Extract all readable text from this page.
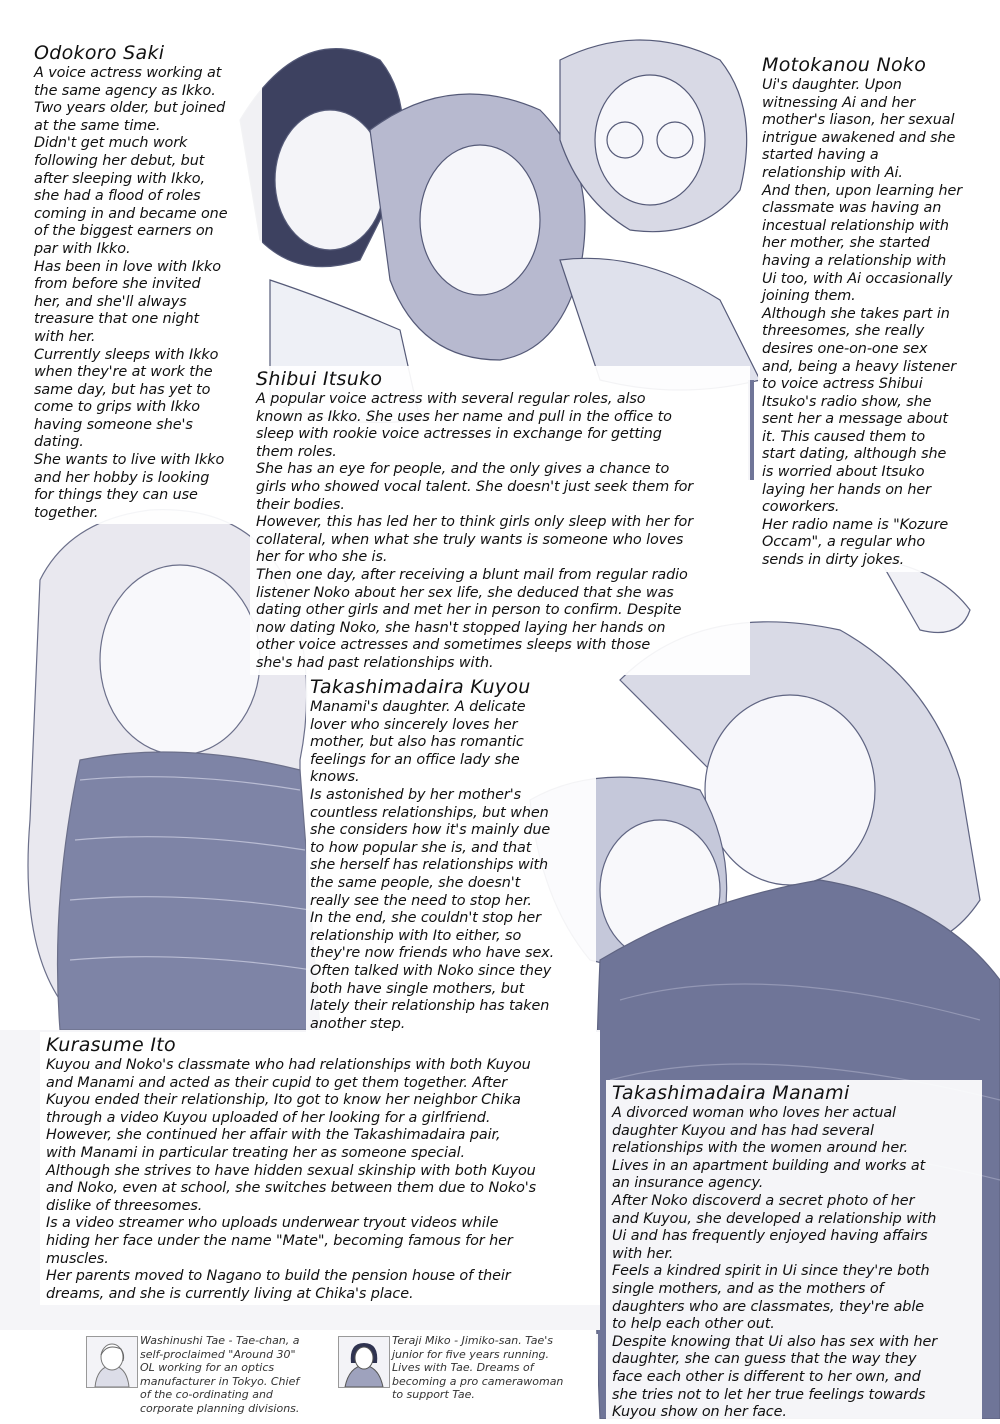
Odokoro Saki

A voice actress working at
the same agency as Ikko.
Two years older, but joined
at the same time.
Didn't get much work
following her debut, but
after sleeping with Ikko,
she had a flood of roles
coming in and became one
of the biggest earners on
par with Ikko.
Has been in love with Ikko
from before she invited
her, and she'll always
treasure that one night
with her.
Currently sleeps with Ikko
when they're at work the
same day, but has yet to
come to grips with Ikko
having someone she's
dating.
She wants to live with Ikko
and her hobby is looking
for things they can use
together.

Motokanou Noko

Ui's daughter. Upon
witnessing Ai and her
mother's liason, her sexual
intrigue awakened and she
started having a
relationship with Ai.
And then, upon learning her
classmate was having an
incestual relationship with
her mother, she started
having a relationship with
Ui too, with Ai occasionally
joining them.
Although she takes part in
threesomes, she really
desires one-on-one sex
and, being a heavy listener
to voice actress Shibui
Itsuko's radio show, she
sent her a message about
it. This caused them to
start dating, although she
is worried about Itsuko
laying her hands on her
coworkers.
Her radio name is "Kozure
Occam", a regular who
sends in dirty jokes.

Shibui Itsuko

A popular voice actress with several regular roles, also
known as Ikko. She uses her name and pull in the office to
sleep with rookie voice actresses in exchange for getting
them roles.
She has an eye for people, and the only gives a chance to
girls who showed vocal talent. She doesn't just seek them for
their bodies.
However, this has led her to think girls only sleep with her for
collateral, when what she truly wants is someone who loves
her for who she is.
Then one day, after receiving a blunt mail from regular radio
listener Noko about her sex life, she deduced that she was
dating other girls and met her in person to confirm. Despite
now dating Noko, she hasn't stopped laying her hands on
other voice actresses and sometimes sleeps with those
she's had past relationships with.

Takashimadaira Kuyou

Manami's daughter. A delicate
lover who sincerely loves her
mother, but also has romantic
feelings for an office lady she
knows.
Is astonished by her mother's
countless relationships, but when
she considers how it's mainly due
to how popular she is, and that
she herself has relationships with
the same people, she doesn't
really see the need to stop her.
In the end, she couldn't stop her
relationship with Ito either, so
they're now friends who have sex.
Often talked with Noko since they
both have single mothers, but
lately their relationship has taken
another step.

Kurasume Ito

Kuyou and Noko's classmate who had relationships with both Kuyou
and Manami and acted as their cupid to get them together. After
Kuyou ended their relationship, Ito got to know her neighbor Chika
through a video Kuyou uploaded of her looking for a girlfriend.
However, she continued her affair with the Takashimadaira pair,
with Manami in particular treating her as someone special.
Although she strives to have hidden sexual skinship with both Kuyou
and Noko, even at school, she switches between them due to Noko's
dislike of threesomes.
Is a video streamer who uploads underwear tryout videos while
hiding her face under the name "Mate", becoming famous for her
muscles.
Her parents moved to Nagano to build the pension house of their
dreams, and she is currently living at Chika's place.

Takashimadaira Manami

A divorced woman who loves her actual
daughter Kuyou and has had several
relationships with the women around her.
Lives in an apartment building and works at
an insurance agency.
After Noko discoverd a secret photo of her
and Kuyou, she developed a relationship with
Ui and has frequently enjoyed having affairs
with her.
Feels a kindred spirit in Ui since they're both
single mothers, and as the mothers of
daughters who are classmates, they're able
to help each other out.
Despite knowing that Ui also has sex with her
daughter, she can guess that the way they
face each other is different to her own, and
she tries not to let her true feelings towards
Kuyou show on her face.

Washinushi Tae - Tae-chan, a
self-proclaimed "Around 30"
OL working for an optics
manufacturer in Tokyo. Chief
of the co-ordinating and
corporate planning divisions.

Teraji Miko - Jimiko-san. Tae's
junior for five years running.
Lives with Tae. Dreams of
becoming a pro camerawoman
to support Tae.
